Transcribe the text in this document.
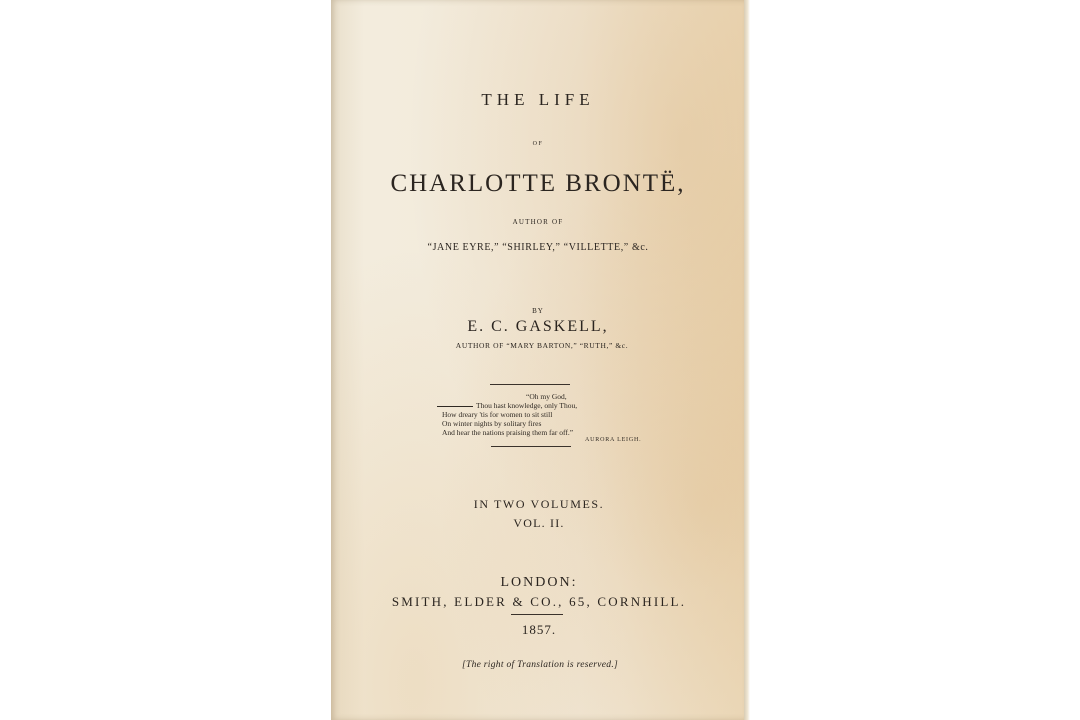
THE LIFE
OF
CHARLOTTE BRONTË,
AUTHOR OF
“JANE EYRE,” “SHIRLEY,” “VILLETTE,” &c.
BY
E. C. GASKELL,
AUTHOR OF “MARY BARTON,” “RUTH,” &c.
“Oh my God,
Thou hast knowledge, only Thou,
How dreary 'tis for women to sit still
On winter nights by solitary fires
And hear the nations praising them far off.”
AURORA LEIGH.
IN TWO VOLUMES.
VOL. II.
LONDON:
SMITH, ELDER & CO., 65, CORNHILL.
1857.
[The right of Translation is reserved.]
